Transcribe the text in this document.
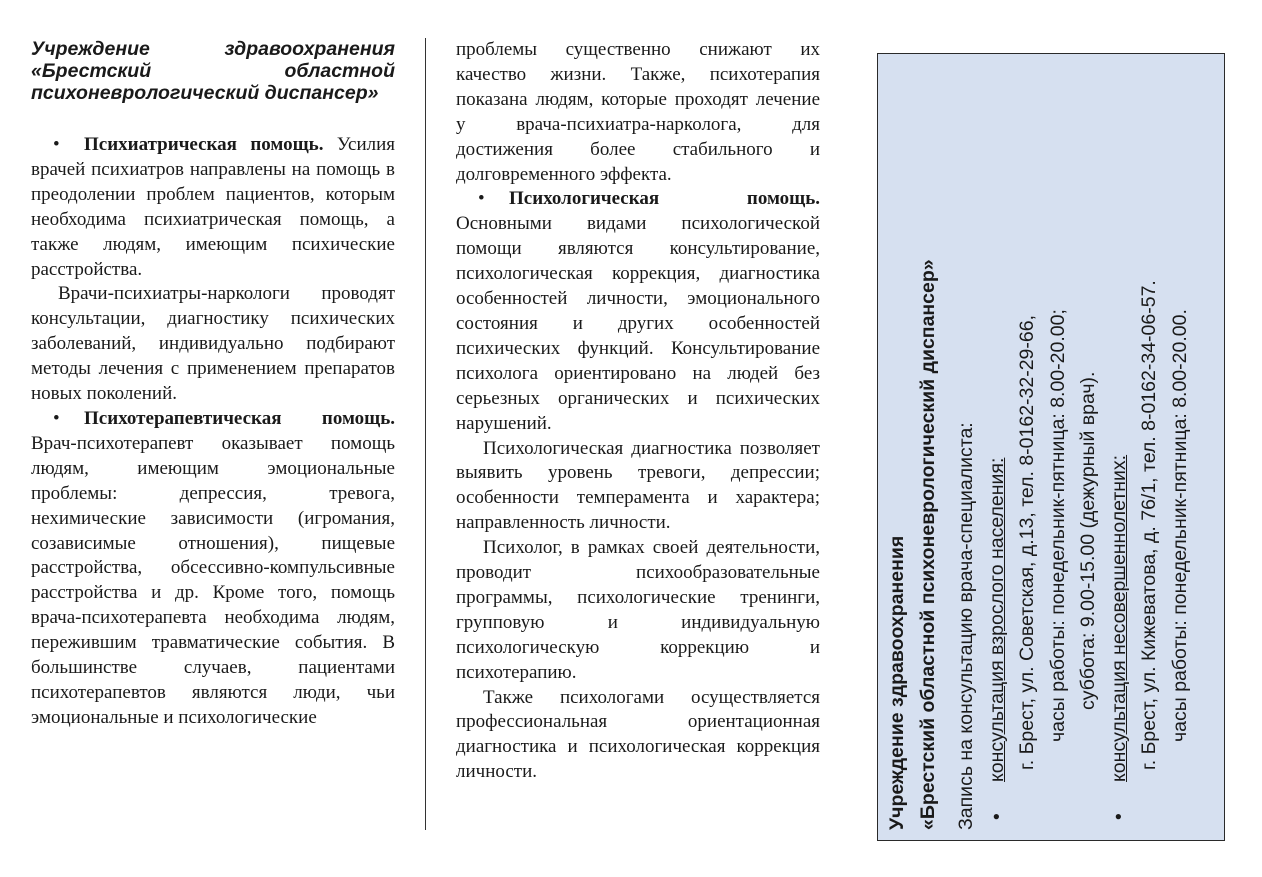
Учреждение здравоохранения «Брестский областной психоневрологический диспансер»

• Психиатрическая помощь. Усилия врачей психиатров направлены на помощь в преодолении проблем пациентов, которым необходима психиатрическая помощь, а также людям, имеющим психические расстройства.

Врачи-психиатры-наркологи проводят консультации, диагностику психических заболеваний, индивидуально подбирают методы лечения с применением препаратов новых поколений.

• Психотерапевтическая помощь. Врач-психотерапевт оказывает помощь людям, имеющим эмоциональные проблемы: депрессия, тревога, нехимические зависимости (игромания, созависимые отношения), пищевые расстройства, обсессивно-компульсивные расстройства и др. Кроме того, помощь врача-психотерапевта необходима людям, пережившим травматические события. В большинстве случаев, пациентами психотерапевтов являются люди, чьи эмоциональные и психологические

проблемы существенно снижают их качество жизни. Также, психотерапия показана людям, которые проходят лечение у врача-психиатра-нарколога, для достижения более стабильного и долговременного эффекта.

• Психологическая помощь. Основными видами психологической помощи являются консультирование, психологическая коррекция, диагностика особенностей личности, эмоционального состояния и других особенностей психических функций. Консультирование психолога ориентировано на людей без серьезных органических и психических нарушений.

Психологическая диагностика позволяет выявить уровень тревоги, депрессии; особенности темперамента и характера; направленность личности.

Психолог, в рамках своей деятельности, проводит психообразовательные программы, психологические тренинги, групповую и индивидуальную психологическую коррекцию и психотерапию.

Также психологами осуществляется профессиональная ориентационная диагностика и психологическая коррекция личности.	Учреждение здравоохранения «Брестский областной психоневрологический диспансер» Запись на консультацию врача-специалиста: • консультация взрослого населения: г. Брест, ул. Советская, д.13, тел. 8-0162-32-29-66, часы работы: понедельник-пятница: 8.00-20.00; суббота: 9.00-15.00 (дежурный врач). • консультация несовершеннолетних: г. Брест, ул. Кижеватова, д. 76/1, тел. 8-0162-34-06-57. часы работы: понедельник-пятница: 8.00-20.00.
